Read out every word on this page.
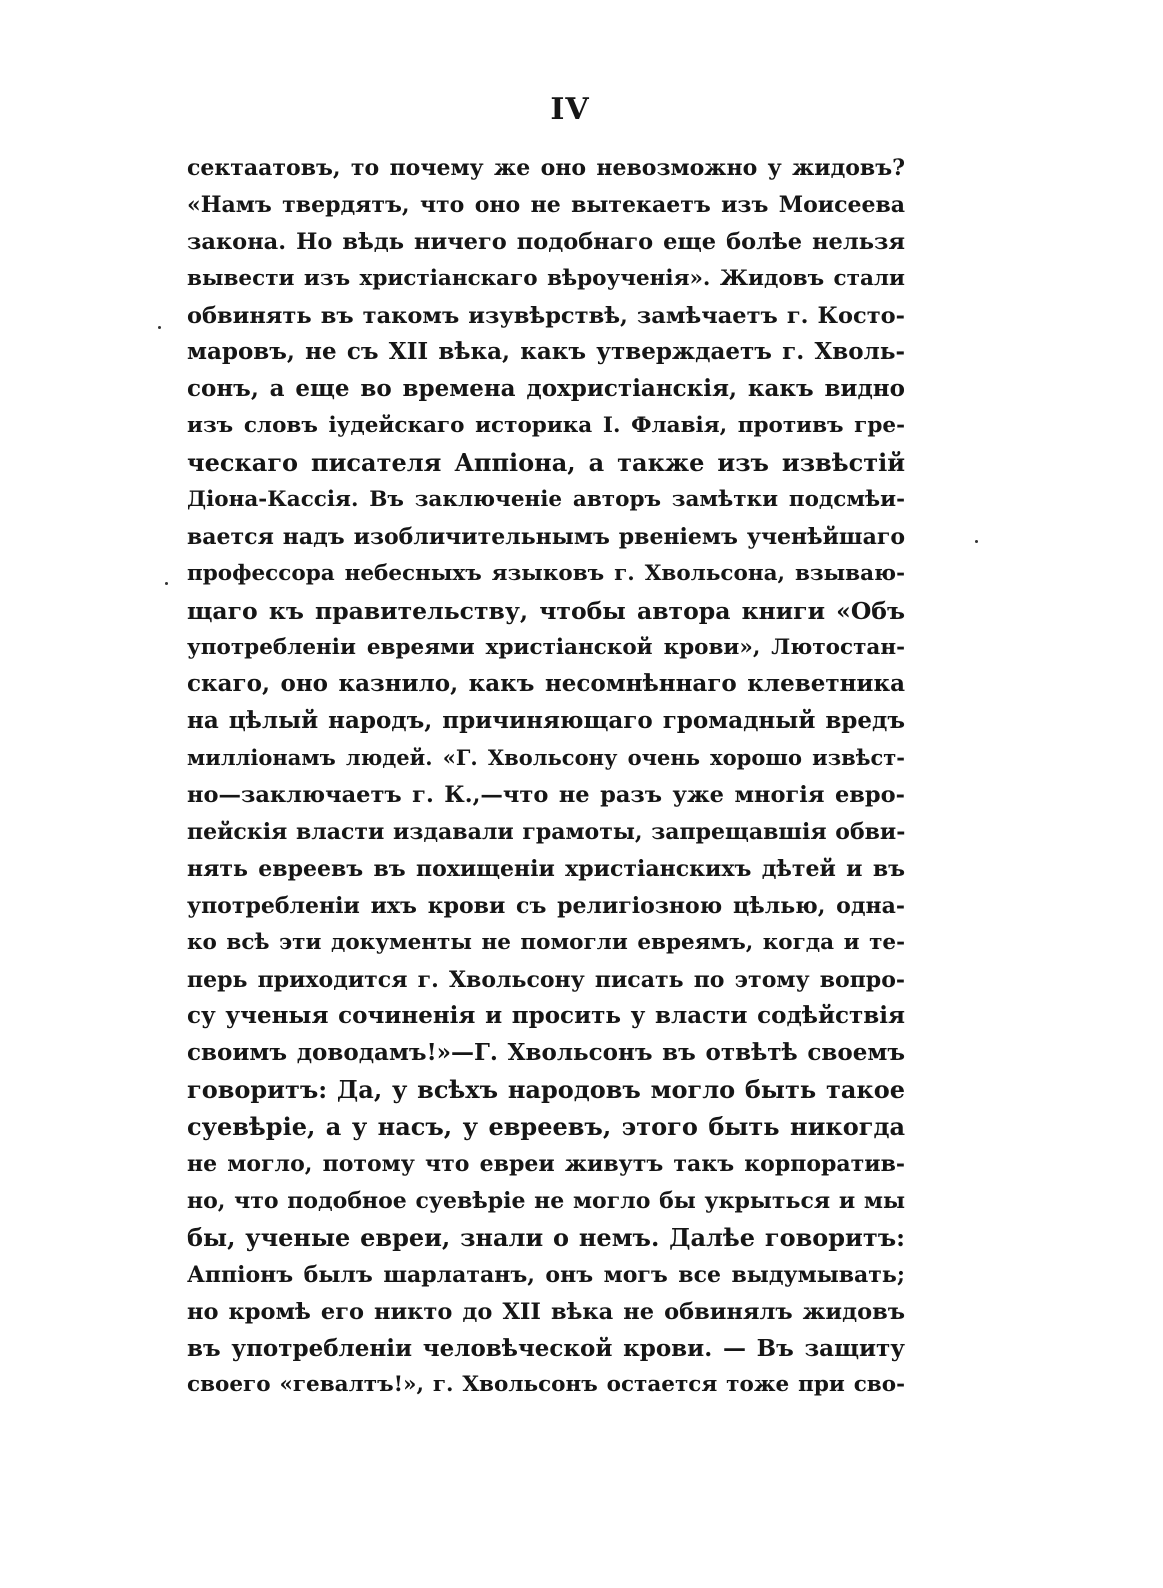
IV
сектаатовъ, то почему же оно невозможно у жидовъ?
«Намъ твердятъ, что оно не вытекаетъ изъ Моисеева
закона. Но вѣдь ничего подобнаго еще болѣе нельзя
вывести изъ христіанскаго вѣроученія». Жидовъ стали
обвинять въ такомъ изувѣрствѣ, замѣчаетъ г. Косто-
маровъ, не съ XII вѣка, какъ утверждаетъ г. Хволь-
сонъ, а еще во времена дохристіанскія, какъ видно
изъ словъ іудейскаго историка I. Флавія, противъ гре-
ческаго писателя Аппіона, а также изъ извѣстій
Діона-Кассія. Въ заключеніе авторъ замѣтки подсмѣи-
вается надъ изобличительнымъ рвеніемъ ученѣйшаго
профессора небесныхъ языковъ г. Хвольсона, взываю-
щаго къ правительству, чтобы автора книги «Объ
употребленіи евреями христіанской крови», Лютостан-
скаго, оно казнило, какъ несомнѣннаго клеветника
на цѣлый народъ, причиняющаго громадный вредъ
милліонамъ людей. «Г. Хвольсону очень хорошо извѣст-
но—заключаетъ г. К.,—что не разъ уже многія евро-
пейскія власти издавали грамоты, запрещавшія обви-
нять евреевъ въ похищеніи христіанскихъ дѣтей и въ
употребленіи ихъ крови съ религіозною цѣлью, одна-
ко всѣ эти документы не помогли евреямъ, когда и те-
перь приходится г. Хвольсону писать по этому вопро-
су ученыя сочиненія и просить у власти содѣйствія
своимъ доводамъ!»—Г. Хвольсонъ въ отвѣтѣ своемъ
говоритъ: Да, у всѣхъ народовъ могло быть такое
суевѣріе, а у насъ, у евреевъ, этого быть никогда
не могло, потому что евреи живутъ такъ корпоратив-
но, что подобное суевѣріе не могло бы укрыться и мы
бы, ученые евреи, знали о немъ. Далѣе говоритъ:
Аппіонъ былъ шарлатанъ, онъ могъ все выдумывать;
но кромѣ его никто до XII вѣка не обвинялъ жидовъ
въ употребленіи человѣческой крови. — Въ защиту
своего «гевалтъ!», г. Хвольсонъ остается тоже при сво-
